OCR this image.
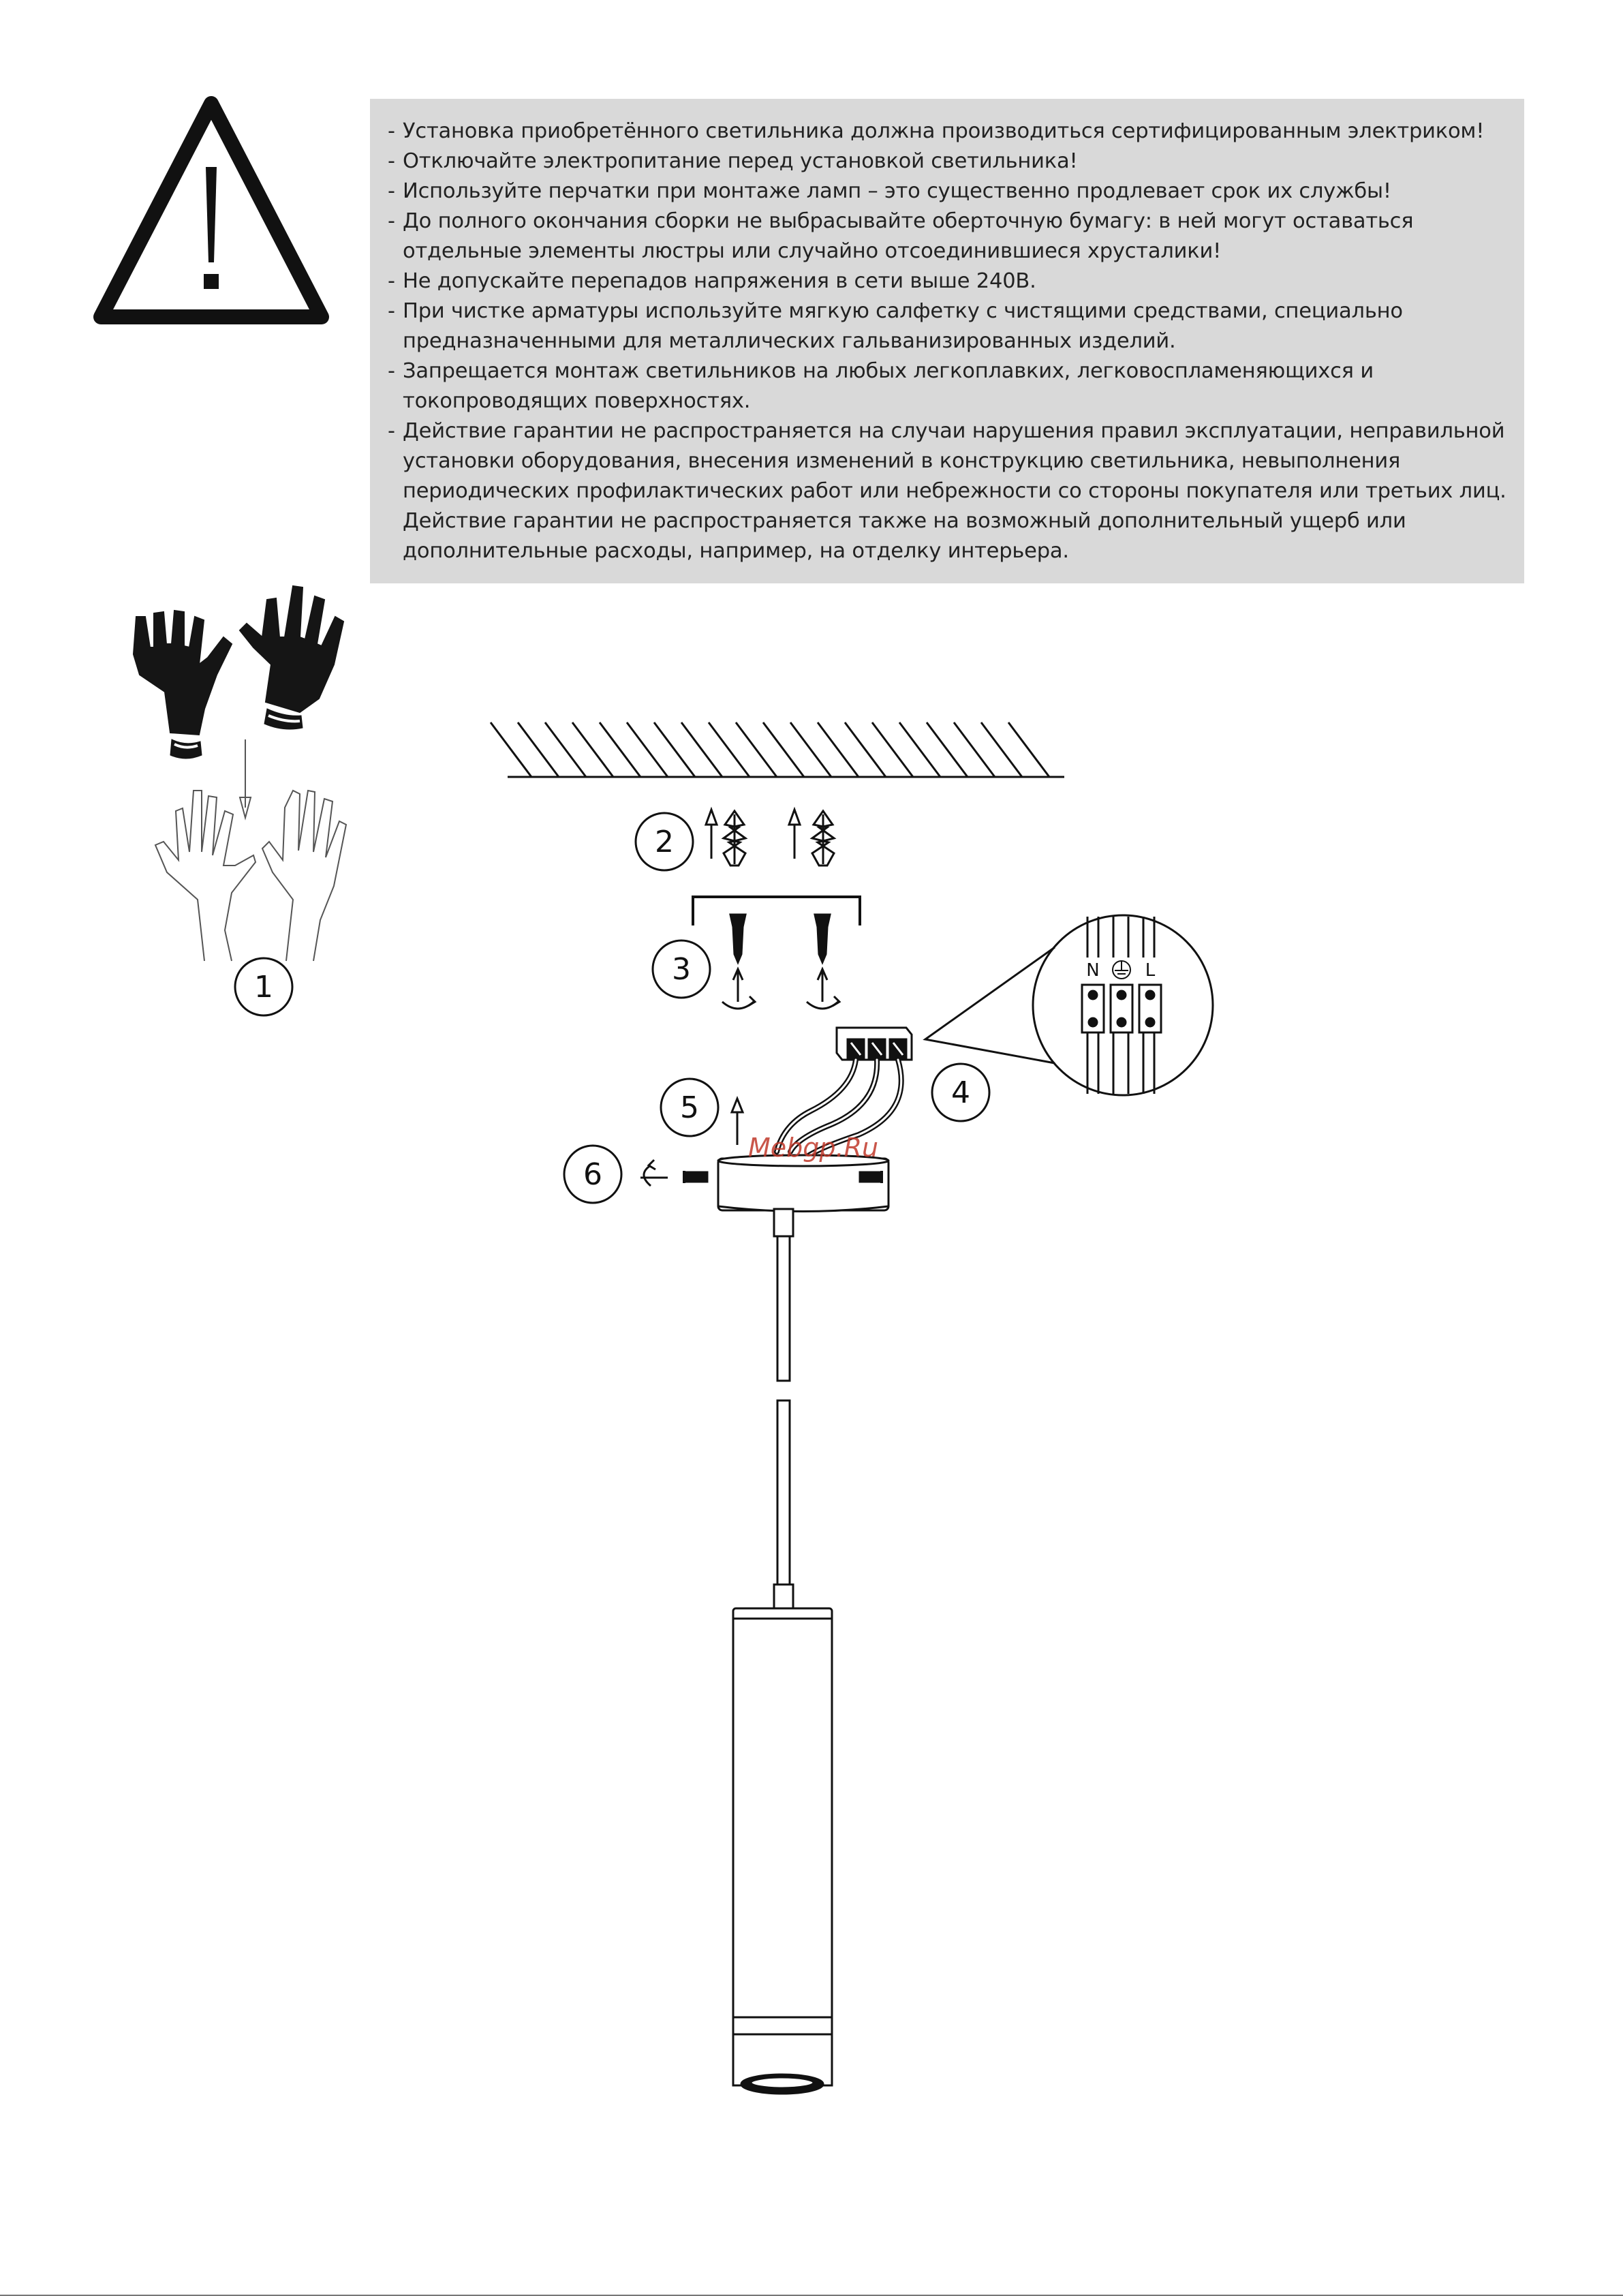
- Установка приобретённого светильника должна производиться сертифицированным электриком!
- Отключайте электропитание перед установкой светильника!
- Используйте перчатки при монтаже ламп – это существенно продлевает срок их службы!
- До полного окончания сборки не выбрасывайте оберточную бумагу: в ней могут оставаться отдельные элементы люстры или случайно отсоединившиеся хрусталики!
- Не допускайте перепадов напряжения в сети выше 240В.
- При чистке арматуры используйте мягкую салфетку с чистящими средствами, специально предназначенными для металлических гальванизированных изделий.
- Запрещается монтаж светильников на любых легкоплавких, легковоспламеняющихся и токопроводящих поверхностях.
- Действие гарантии не распространяется на случаи нарушения правил эксплуатации, неправильной установки оборудования, внесения изменений в конструкцию светильника, невыполнения периодических профилактических работ или небрежности со стороны покупателя или третьих лиц. Действие гарантии не распространяется также на возможный дополнительный ущерб или дополнительные расходы, например, на отделку интерьера.
1
2
3	N	L
4
5
6
Mebgp.Ru
